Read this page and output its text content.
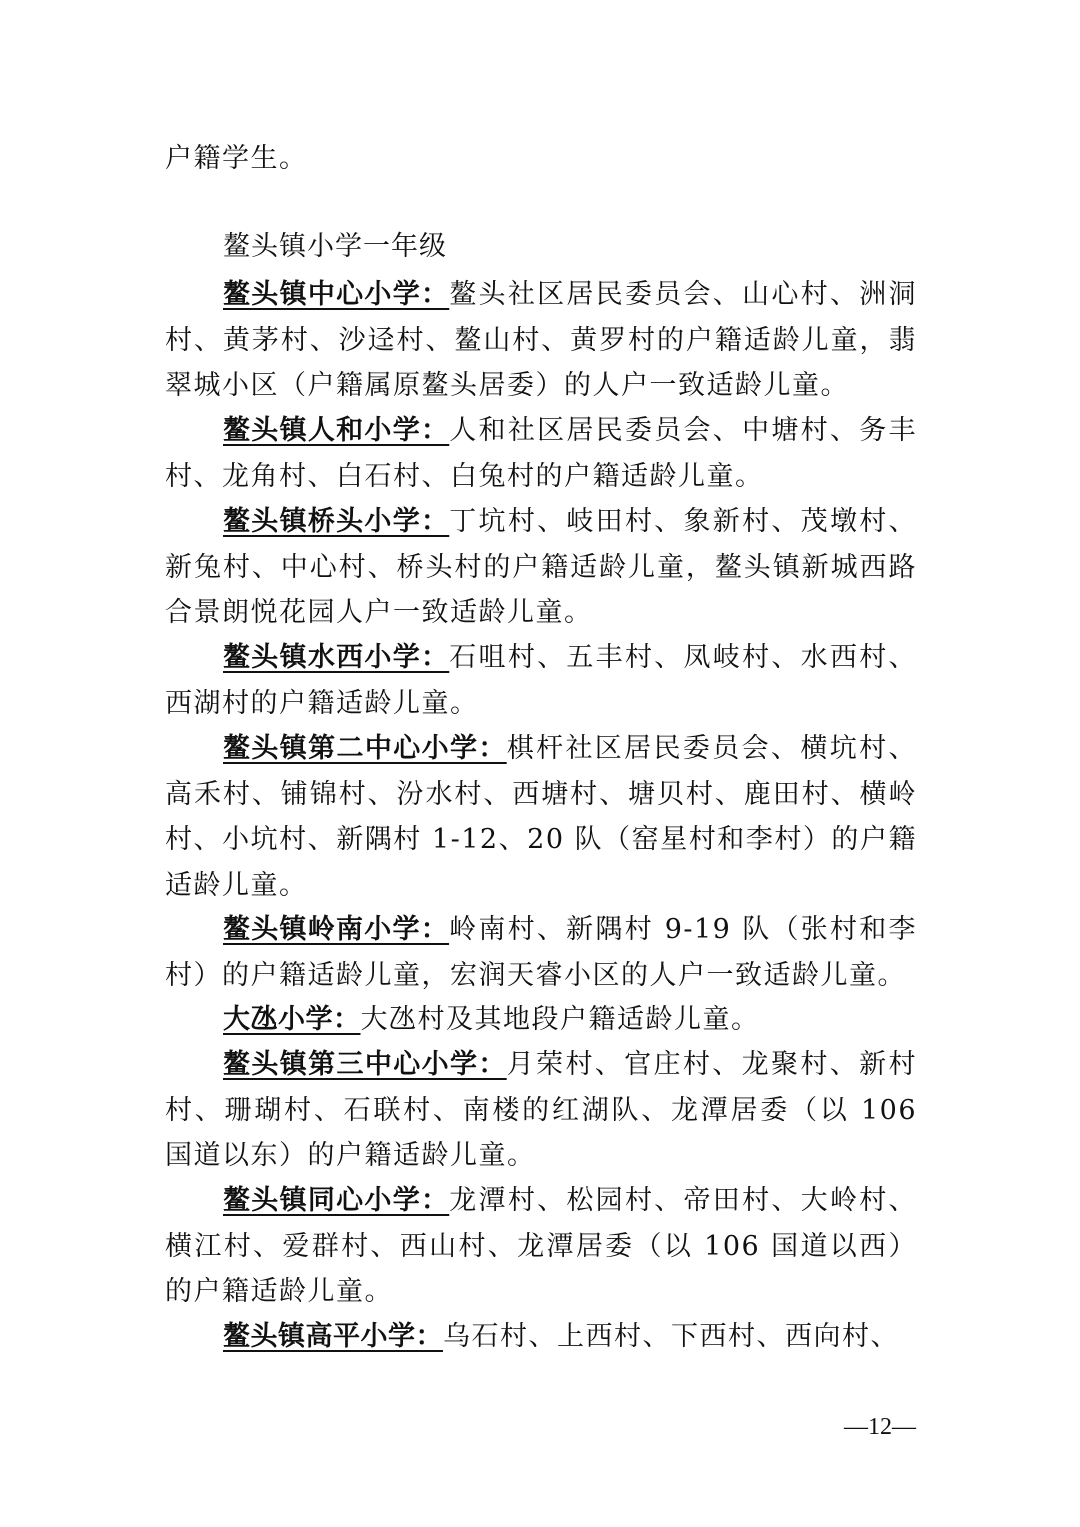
户籍学生。

鳌头镇小学一年级

鳌头镇中心小学：鳌头社区居民委员会、山心村、洲洞村、黄茅村、沙迳村、鳌山村、黄罗村的户籍适龄儿童，翡翠城小区（户籍属原鳌头居委）的人户一致适龄儿童。

鳌头镇人和小学：人和社区居民委员会、中塘村、务丰村、龙角村、白石村、白兔村的户籍适龄儿童。

鳌头镇桥头小学：丁坑村、岐田村、象新村、茂墩村、新兔村、中心村、桥头村的户籍适龄儿童，鳌头镇新城西路合景朗悦花园人户一致适龄儿童。

鳌头镇水西小学：石咀村、五丰村、凤岐村、水西村、西湖村的户籍适龄儿童。

鳌头镇第二中心小学：棋杆社区居民委员会、横坑村、高禾村、铺锦村、汾水村、西塘村、塘贝村、鹿田村、横岭村、小坑村、新隅村 1-12、20 队（窑星村和李村）的户籍适龄儿童。

鳌头镇岭南小学：岭南村、新隅村 9-19 队（张村和李村）的户籍适龄儿童，宏润天睿小区的人户一致适龄儿童。

大氹小学：大氹村及其地段户籍适龄儿童。

鳌头镇第三中心小学：月荣村、官庄村、龙聚村、新村村、珊瑚村、石联村、南楼的红湖队、龙潭居委（以 106 国道以东）的户籍适龄儿童。

鳌头镇同心小学：龙潭村、松园村、帝田村、大岭村、横江村、爱群村、西山村、龙潭居委（以 106 国道以西）的户籍适龄儿童。

鳌头镇高平小学：乌石村、上西村、下西村、西向村、

—12—
